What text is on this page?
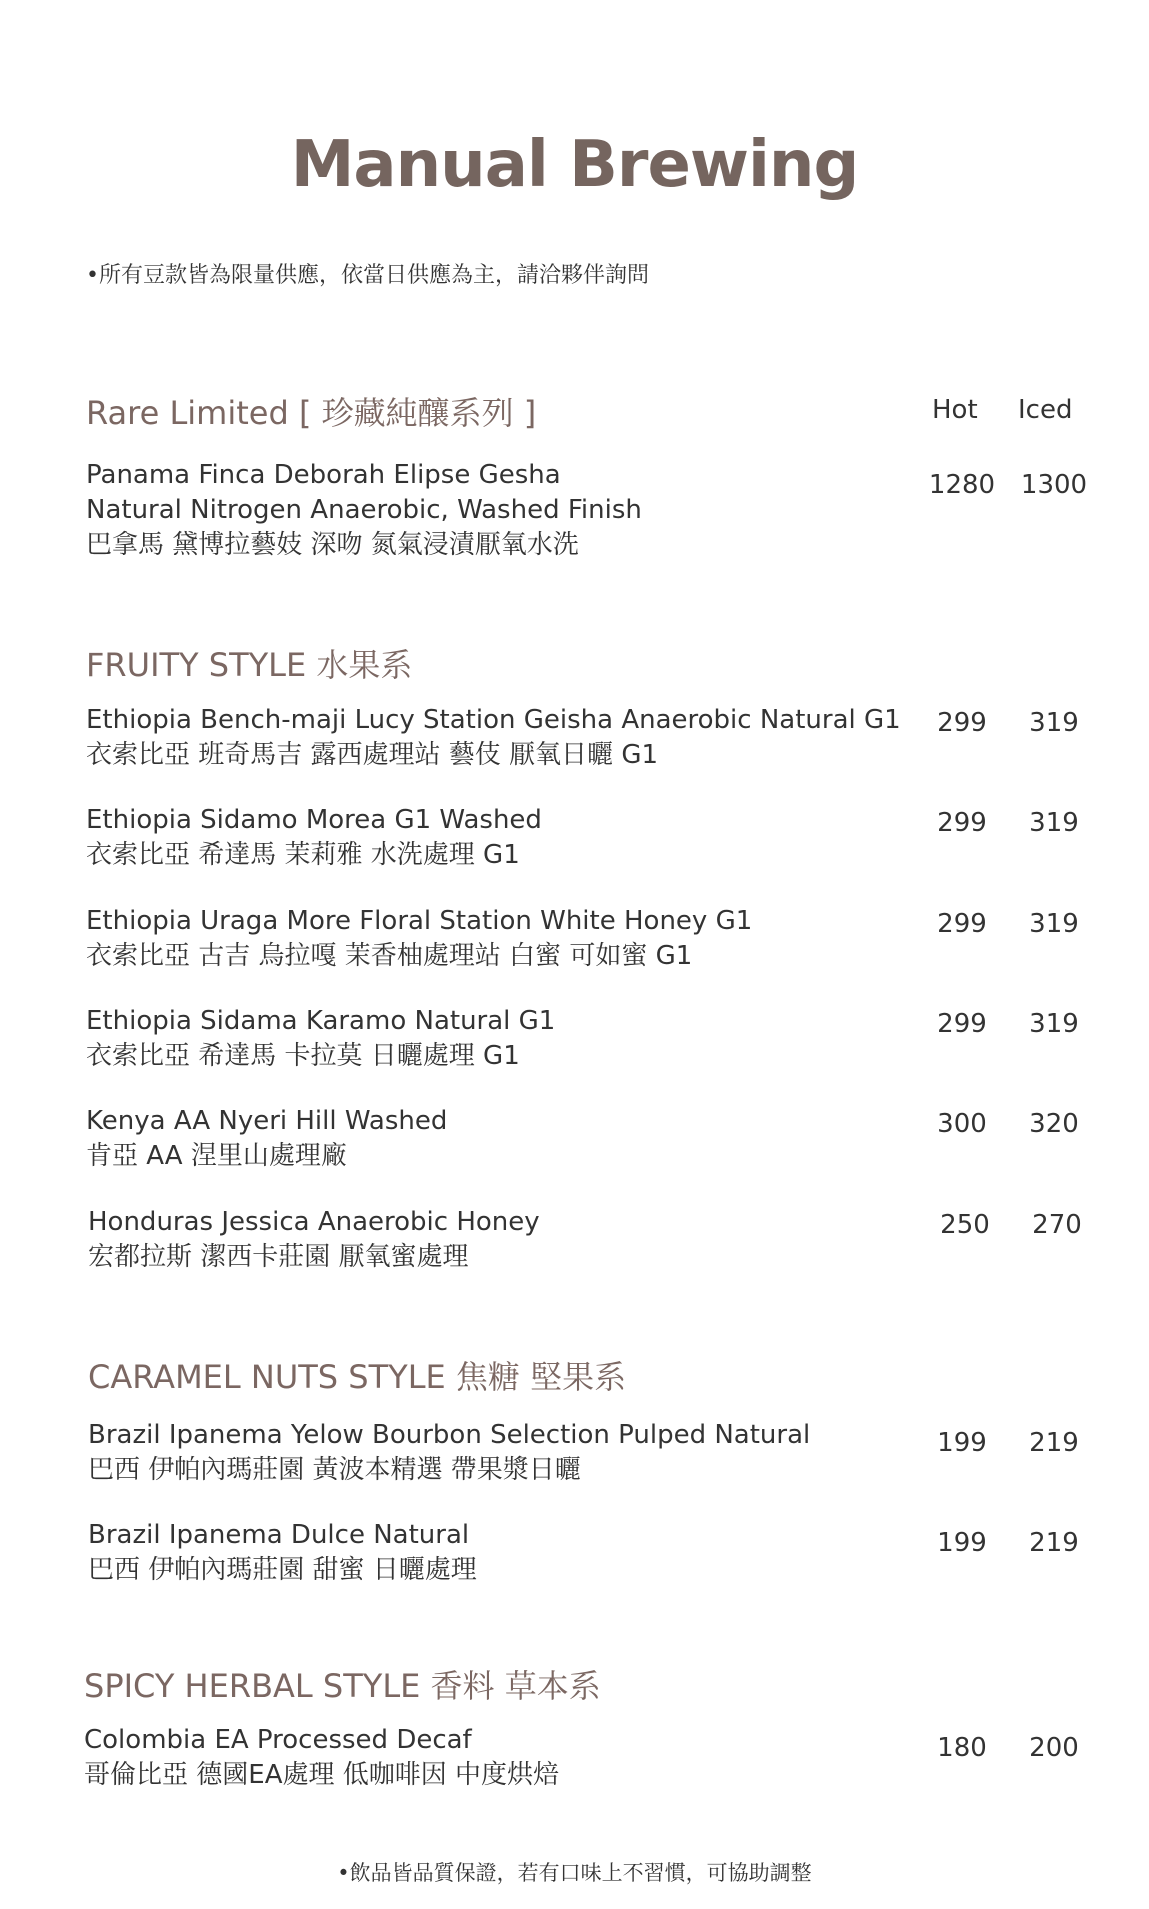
Manual Brewing
•所有豆款皆為限量供應，依當日供應為主，請洽夥伴詢問
Rare Limited [ 珍藏純釀系列 ]	Hot Iced
Panama Finca Deborah Elipse Gesha
Natural Nitrogen Anaerobic, Washed Finish
巴拿馬 黛博拉藝妓 深吻 氮氣浸漬厭氧水洗
1280 1300
FRUITY STYLE 水果系
Ethiopia Bench-maji Lucy Station Geisha Anaerobic Natural G1
衣索比亞 班奇馬吉 露西處理站 藝伎 厭氧日曬 G1
299	319
Ethiopia Sidamo Morea G1 Washed
衣索比亞 希達馬 茉莉雅 水洗處理 G1
299	319
Ethiopia Uraga More Floral Station White Honey G1
衣索比亞 古吉 烏拉嘎 茉香柚處理站 白蜜 可如蜜 G1
299	319
Ethiopia Sidama Karamo Natural G1
衣索比亞 希達馬 卡拉莫 日曬處理 G1
299	319
Kenya AA Nyeri Hill Washed
肯亞 AA 涅里山處理廠
300	320
Honduras Jessica Anaerobic Honey
宏都拉斯 潔西卡莊園 厭氧蜜處理
250	270
CARAMEL NUTS STYLE 焦糖 堅果系
Brazil Ipanema Yelow Bourbon Selection Pulped Natural
巴西 伊帕內瑪莊園 黃波本精選 帶果漿日曬
199	219
Brazil Ipanema Dulce Natural
巴西 伊帕內瑪莊園 甜蜜 日曬處理
199	219
SPICY HERBAL STYLE 香料 草本系
Colombia EA Processed Decaf
哥倫比亞 德國EA處理 低咖啡因 中度烘焙
180	200
•飲品皆品質保證，若有口味上不習慣，可協助調整
